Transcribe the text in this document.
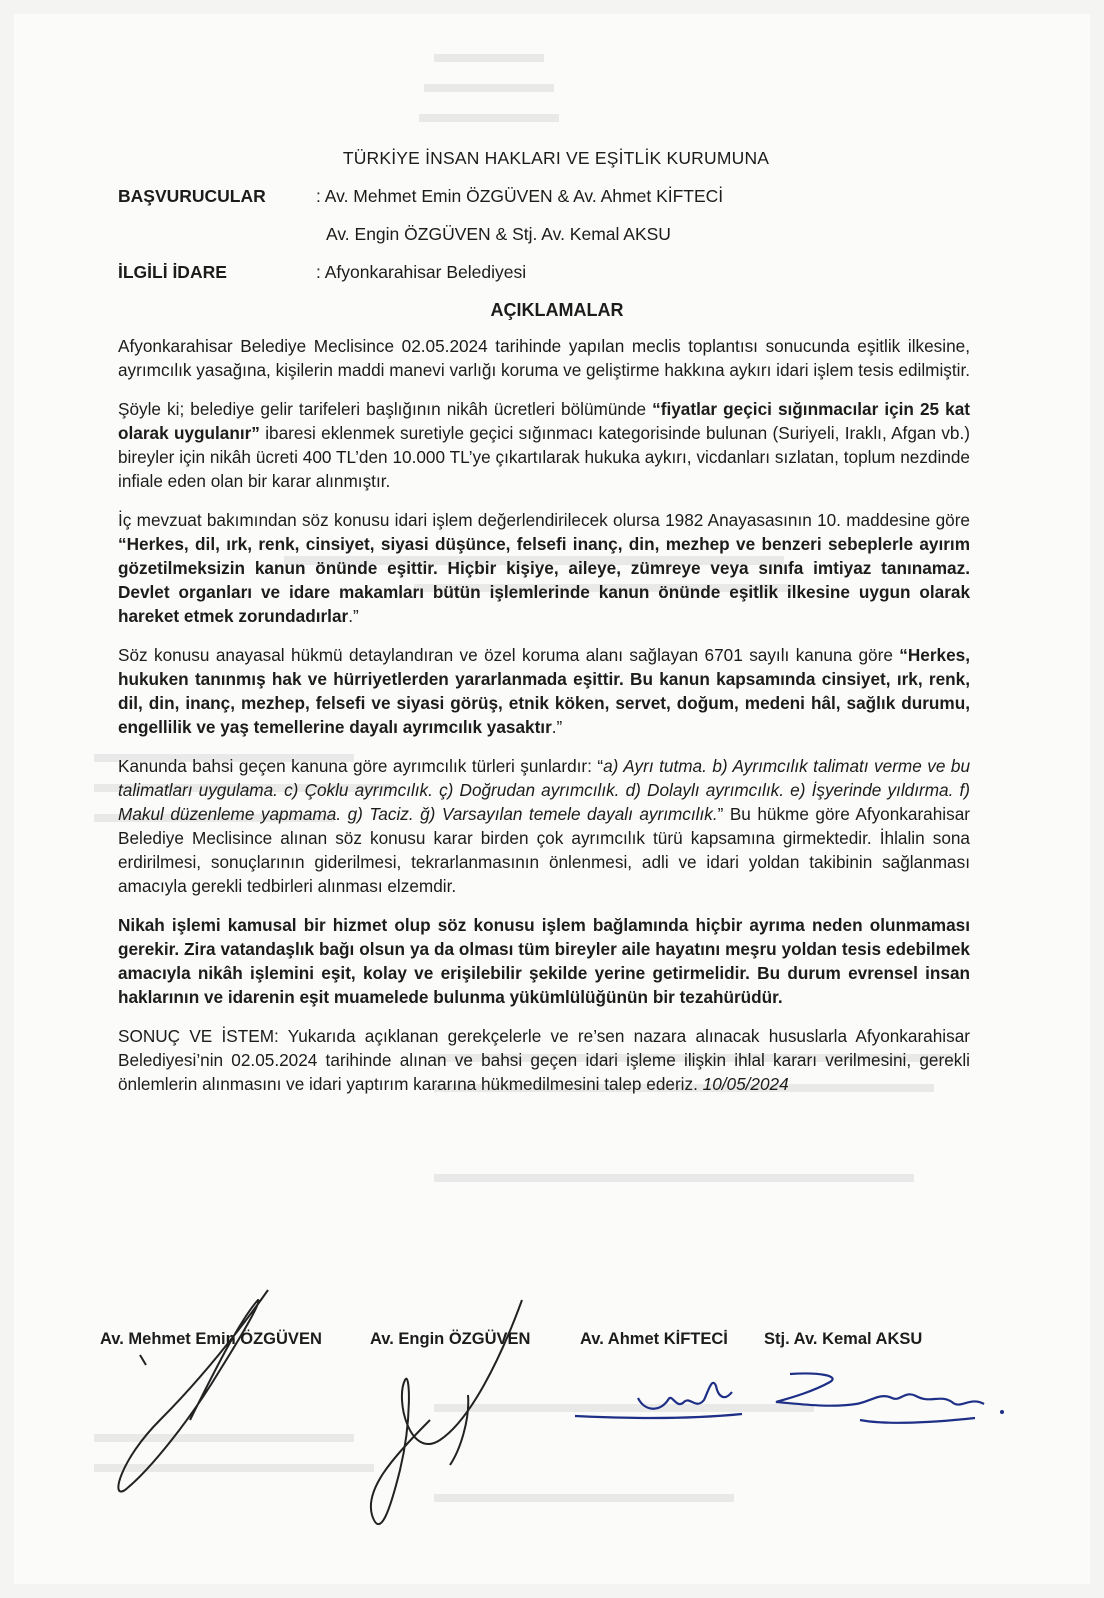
TÜRKİYE İNSAN HAKLARI VE EŞİTLİK KURUMUNA
BAŞVURUCULAR	: Av. Mehmet Emin ÖZGÜVEN & Av. Ahmet KİFTECİ
Av. Engin ÖZGÜVEN & Stj. Av. Kemal AKSU
İLGİLİ İDARE	: Afyonkarahisar Belediyesi
AÇIKLAMALAR
Afyonkarahisar Belediye Meclisince 02.05.2024 tarihinde yapılan meclis toplantısı sonucunda eşitlik ilkesine, ayrımcılık yasağına, kişilerin maddi manevi varlığı koruma ve geliştirme hakkına aykırı idari işlem tesis edilmiştir.
Şöyle ki; belediye gelir tarifeleri başlığının nikâh ücretleri bölümünde “fiyatlar geçici sığınmacılar için 25 kat olarak uygulanır” ibaresi eklenmek suretiyle geçici sığınmacı kategorisinde bulunan (Suriyeli, Iraklı, Afgan vb.) bireyler için nikâh ücreti 400 TL’den 10.000 TL’ye çıkartılarak hukuka aykırı, vicdanları sızlatan, toplum nezdinde infiale eden olan bir karar alınmıştır.
İç mevzuat bakımından söz konusu idari işlem değerlendirilecek olursa 1982 Anayasasının 10. maddesine göre “Herkes, dil, ırk, renk, cinsiyet, siyasi düşünce, felsefi inanç, din, mezhep ve benzeri sebeplerle ayırım gözetilmeksizin kanun önünde eşittir. Hiçbir kişiye, aileye, zümreye veya sınıfa imtiyaz tanınamaz. Devlet organları ve idare makamları bütün işlemlerinde kanun önünde eşitlik ilkesine uygun olarak hareket etmek zorundadırlar.”
Söz konusu anayasal hükmü detaylandıran ve özel koruma alanı sağlayan 6701 sayılı kanuna göre “Herkes, hukuken tanınmış hak ve hürriyetlerden yararlanmada eşittir. Bu kanun kapsamında cinsiyet, ırk, renk, dil, din, inanç, mezhep, felsefi ve siyasi görüş, etnik köken, servet, doğum, medeni hâl, sağlık durumu, engellilik ve yaş temellerine dayalı ayrımcılık yasaktır.”
Kanunda bahsi geçen kanuna göre ayrımcılık türleri şunlardır: “a) Ayrı tutma. b) Ayrımcılık talimatı verme ve bu talimatları uygulama. c) Çoklu ayrımcılık. ç) Doğrudan ayrımcılık. d) Dolaylı ayrımcılık. e) İşyerinde yıldırma. f) Makul düzenleme yapmama. g) Taciz. ğ) Varsayılan temele dayalı ayrımcılık.” Bu hükme göre Afyonkarahisar Belediye Meclisince alınan söz konusu karar birden çok ayrımcılık türü kapsamına girmektedir. İhlalin sona erdirilmesi, sonuçlarının giderilmesi, tekrarlanmasının önlenmesi, adli ve idari yoldan takibinin sağlanması amacıyla gerekli tedbirleri alınması elzemdir.
Nikah işlemi kamusal bir hizmet olup söz konusu işlem bağlamında hiçbir ayrıma neden olunmaması gerekir. Zira vatandaşlık bağı olsun ya da olması tüm bireyler aile hayatını meşru yoldan tesis edebilmek amacıyla nikâh işlemini eşit, kolay ve erişilebilir şekilde yerine getirmelidir. Bu durum evrensel insan haklarının ve idarenin eşit muamelede bulunma yükümlülüğünün bir tezahürüdür.
SONUÇ VE İSTEM: Yukarıda açıklanan gerekçelerle ve re’sen nazara alınacak hususlarla Afyonkarahisar Belediyesi’nin 02.05.2024 tarihinde alınan ve bahsi geçen idari işleme ilişkin ihlal kararı verilmesini, gerekli önlemlerin alınmasını ve idari yaptırım kararına hükmedilmesini talep ederiz. 10/05/2024
Av. Mehmet Emin ÖZGÜVEN	Av. Engin ÖZGÜVEN	Av. Ahmet KİFTECİ	Stj. Av. Kemal AKSU
